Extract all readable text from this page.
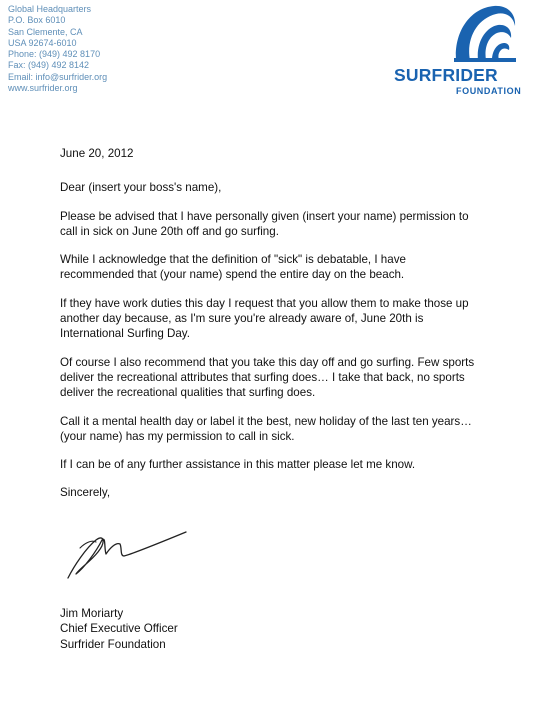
Global Headquarters
P.O. Box 6010
San Clemente, CA
USA 92674-6010
Phone: (949) 492 8170
Fax: (949) 492 8142
Email: info@surfrider.org
www.surfrider.org
SURFRIDER
FOUNDATION

June 20, 2012

Dear (insert your boss's name),

Please be advised that I have personally given (insert your name) permission to call in sick on June 20th off and go surfing.

While I acknowledge that the definition of "sick" is debatable, I have recommended that (your name) spend the entire day on the beach.

If they have work duties this day I request that you allow them to make those up another day because, as I'm sure you're already aware of, June 20th is International Surfing Day.

Of course I also recommend that you take this day off and go surfing. Few sports deliver the recreational attributes that surfing does… I take that back, no sports deliver the recreational qualities that surfing does.

Call it a mental health day or label it the best, new holiday of the last ten years… (your name) has my permission to call in sick.

If I can be of any further assistance in this matter please let me know.

Sincerely,

Jim Moriarty
Chief Executive Officer
Surfrider Foundation
